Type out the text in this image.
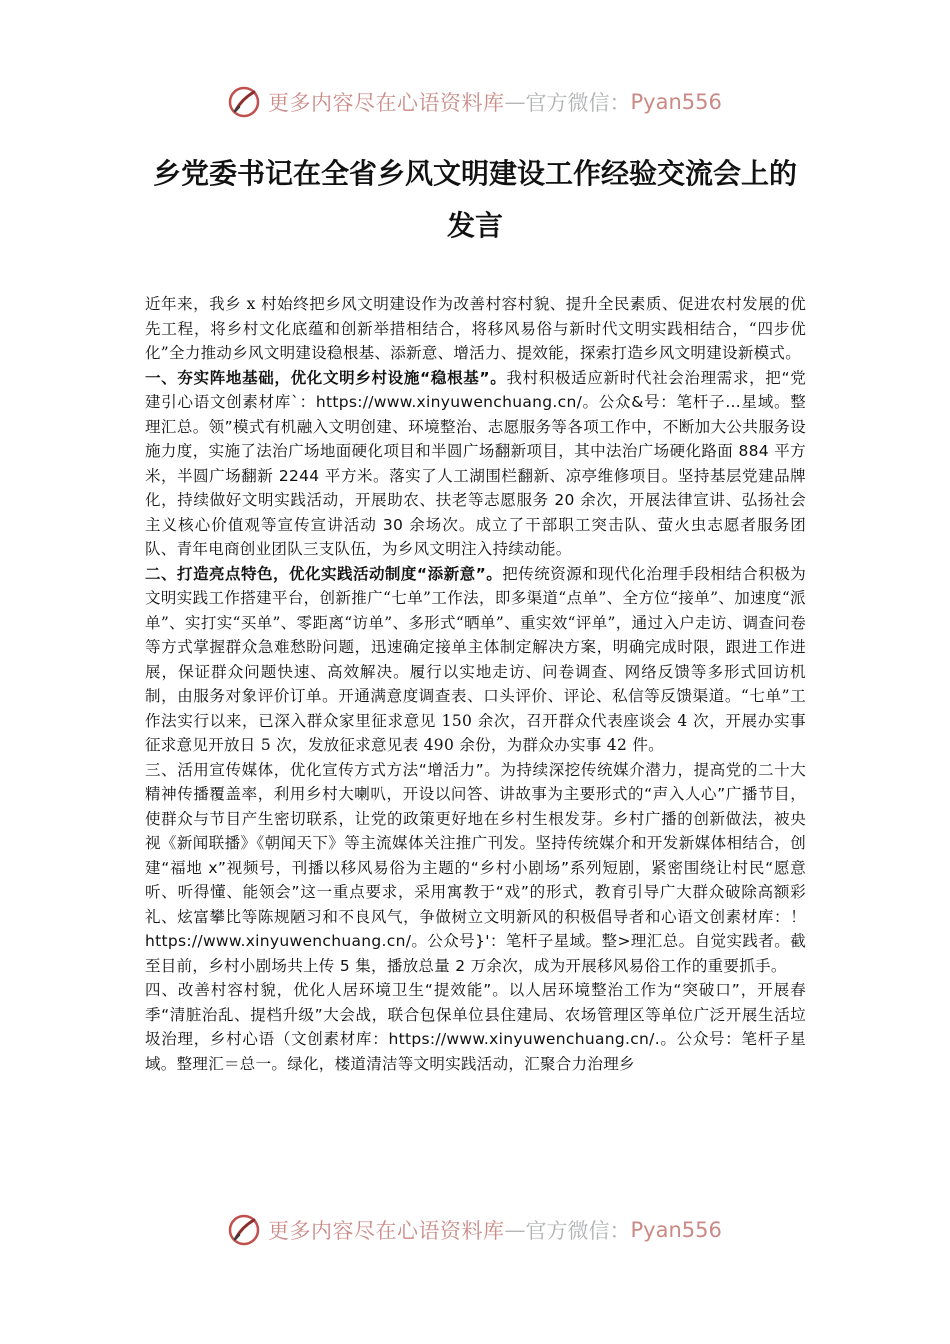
更多内容尽在心语资料库 — 官方微信： Pyan556
乡党委书记在全省乡风文明建设工作经验交流会上的发言

近年来，我乡 x 村始终把乡风文明建设作为改善村容村貌、提升全民素质、促进农村发展的优先工程，将乡村文化底蕴和创新举措相结合，将移风易俗与新时代文明实践相结合，“四步优化”全力推动乡风文明建设稳根基、添新意、增活力、提效能，探索打造乡风文明建设新模式。

一、夯实阵地基础，优化文明乡村设施“稳根基”。我村积极适应新时代社会治理需求，把“党建引心语文创素材库`：https://www.xinyuwenchuang.cn/。公众&号：笔杆子…星域。整理汇总。领”模式有机融入文明创建、环境整治、志愿服务等各项工作中，不断加大公共服务设施力度，实施了法治广场地面硬化项目和半圆广场翻新项目，其中法治广场硬化路面 884 平方米，半圆广场翻新 2244 平方米。落实了人工湖围栏翻新、凉亭维修项目。坚持基层党建品牌化，持续做好文明实践活动，开展助农、扶老等志愿服务 20 余次，开展法律宣讲、弘扬社会主义核心价值观等宣传宣讲活动 30 余场次。成立了干部职工突击队、萤火虫志愿者服务团队、青年电商创业团队三支队伍，为乡风文明注入持续动能。

二、打造亮点特色，优化实践活动制度“添新意”。把传统资源和现代化治理手段相结合积极为文明实践工作搭建平台，创新推广“七单”工作法，即多渠道“点单”、全方位“接单”、加速度“派单”、实打实“买单”、零距离“访单”、多形式“晒单”、重实效“评单”，通过入户走访、调查问卷等方式掌握群众急难愁盼问题，迅速确定接单主体制定解决方案，明确完成时限，跟进工作进展，保证群众问题快速、高效解决。履行以实地走访、问卷调查、网络反馈等多形式回访机制，由服务对象评价订单。开通满意度调查表、口头评价、评论、私信等反馈渠道。“七单”工作法实行以来，已深入群众家里征求意见 150 余次，召开群众代表座谈会 4 次，开展办实事征求意见开放日 5 次，发放征求意见表 490 余份，为群众办实事 42 件。

三、活用宣传媒体，优化宣传方式方法“增活力”。为持续深挖传统媒介潜力，提高党的二十大精神传播覆盖率，利用乡村大喇叭，开设以问答、讲故事为主要形式的“声入人心”广播节目，使群众与节目产生密切联系，让党的政策更好地在乡村生根发芽。乡村广播的创新做法，被央视《新闻联播》《朝闻天下》等主流媒体关注推广刊发。坚持传统媒介和开发新媒体相结合，创建“福地 x”视频号，刊播以移风易俗为主题的“乡村小剧场”系列短剧，紧密围绕让村民“愿意听、听得懂、能领会”这一重点要求，采用寓教于“戏”的形式，教育引导广大群众破除高额彩礼、炫富攀比等陈规陋习和不良风气，争做树立文明新风的积极倡导者和心语文创素材库：！https://www.xinyuwenchuang.cn/。公众号}'：笔杆子星域。整>理汇总。自觉实践者。截至目前，乡村小剧场共上传 5 集，播放总量 2 万余次，成为开展移风易俗工作的重要抓手。

四、改善村容村貌，优化人居环境卫生“提效能”。以人居环境整治工作为“突破口”，开展春季“清脏治乱、提档升级”大会战，联合包保单位县住建局、农场管理区等单位广泛开展生活垃圾治理，乡村心语（文创素材库：https://www.xinyuwenchuang.cn/.。公众号：笔杆子星域。整理汇＝总一。绿化，楼道清洁等文明实践活动，汇聚合力治理乡

更多内容尽在心语资料库 — 官方微信： Pyan556
